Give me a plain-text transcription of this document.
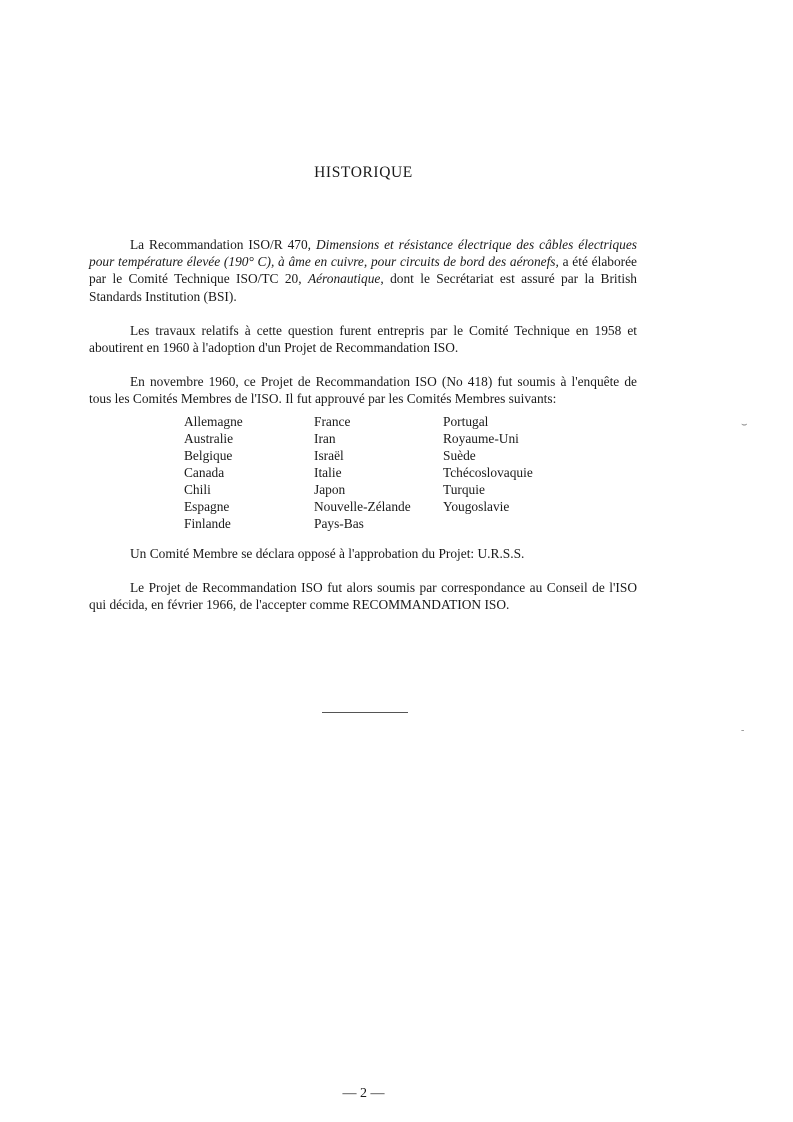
HISTORIQUE

La Recommandation ISO/R 470, Dimensions et résistance électrique des câbles électriques pour température élevée (190° C), à âme en cuivre, pour circuits de bord des aéronefs, a été élaborée par le Comité Technique ISO/TC 20, Aéronautique, dont le Secrétariat est assuré par la British Standards Institution (BSI).

Les travaux relatifs à cette question furent entrepris par le Comité Technique en 1958 et aboutirent en 1960 à l'adoption d'un Projet de Recommandation ISO.

En novembre 1960, ce Projet de Recommandation ISO (No 418) fut soumis à l'enquête de tous les Comités Membres de l'ISO. Il fut approuvé par les Comités Membres suivants:

Allemagne
Australie
Belgique
Canada
Chili
Espagne
Finlande
France
Iran
Israël
Italie
Japon
Nouvelle-Zélande
Pays-Bas
Portugal
Royaume-Uni
Suède
Tchécoslovaquie
Turquie
Yougoslavie

Un Comité Membre se déclara opposé à l'approbation du Projet: U.R.S.S.

Le Projet de Recommandation ISO fut alors soumis par correspondance au Conseil de l'ISO qui décida, en février 1966, de l'accepter comme RECOMMANDATION ISO.

⌣
‐
— 2 —
